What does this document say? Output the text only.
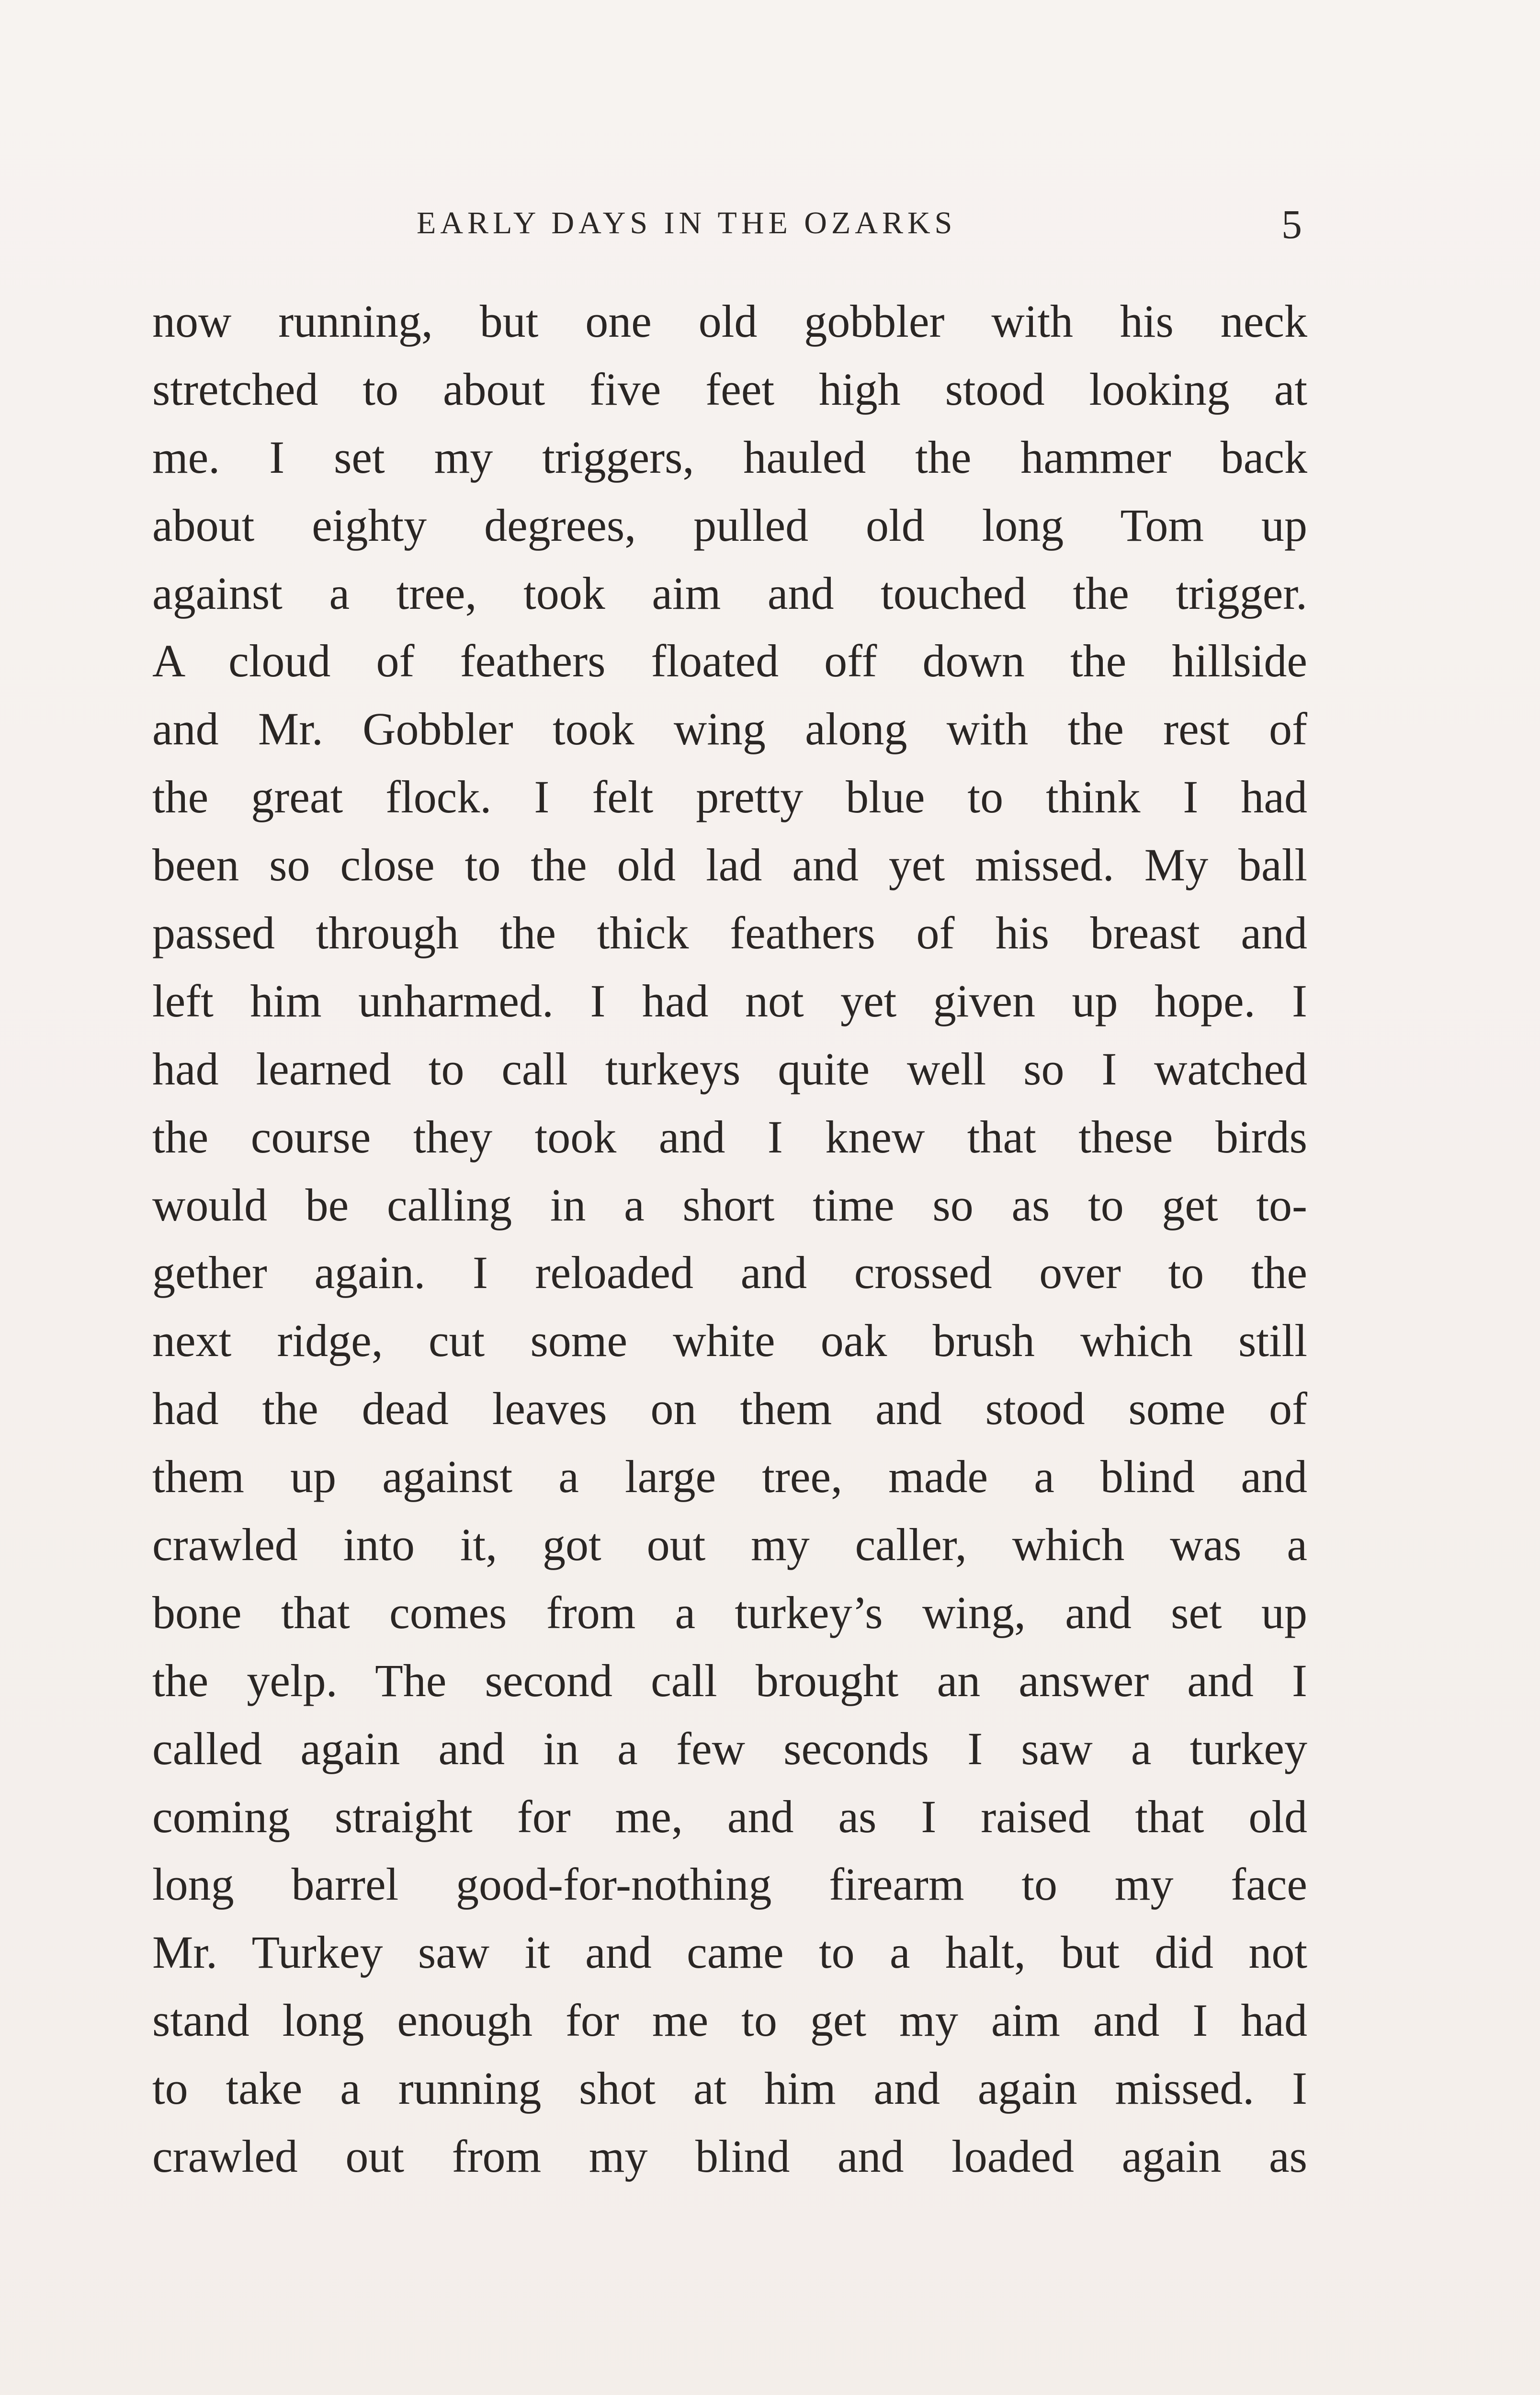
EARLY DAYS IN THE OZARKS	5
now running, but one old gobbler with his neck
stretched to about five feet high stood looking at
me. I set my triggers, hauled the hammer back
about eighty degrees, pulled old long Tom up
against a tree, took aim and touched the trigger.
A cloud of feathers floated off down the hillside
and Mr. Gobbler took wing along with the rest of
the great flock. I felt pretty blue to think I had
been so close to the old lad and yet missed. My ball
passed through the thick feathers of his breast and
left him unharmed. I had not yet given up hope. I
had learned to call turkeys quite well so I watched
the course they took and I knew that these birds
would be calling in a short time so as to get to-
gether again. I reloaded and crossed over to the
next ridge, cut some white oak brush which still
had the dead leaves on them and stood some of
them up against a large tree, made a blind and
crawled into it, got out my caller, which was a
bone that comes from a turkey’s wing, and set up
the yelp. The second call brought an answer and I
called again and in a few seconds I saw a turkey
coming straight for me, and as I raised that old
long barrel good-for-nothing firearm to my face
Mr. Turkey saw it and came to a halt, but did not
stand long enough for me to get my aim and I had
to take a running shot at him and again missed. I
crawled out from my blind and loaded again as
